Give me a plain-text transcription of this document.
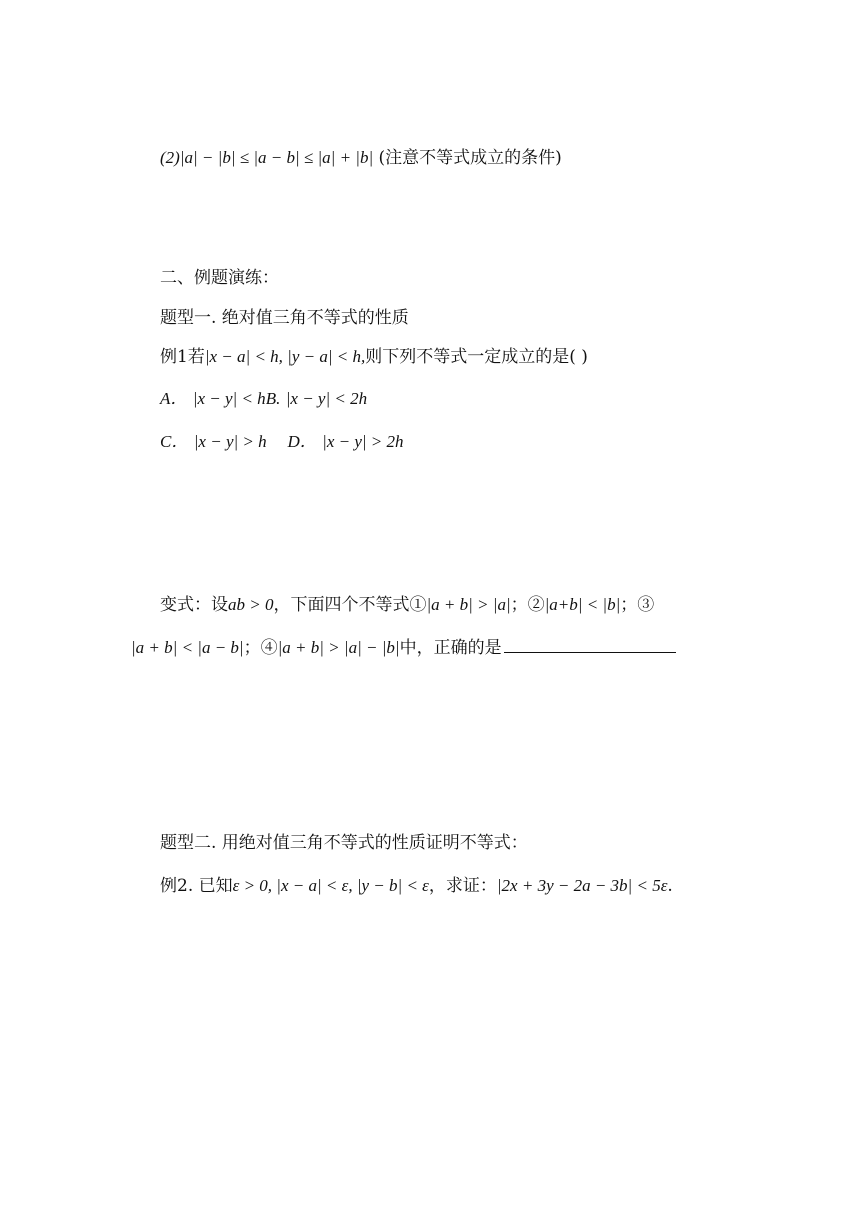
(2)|a| − |b| ≤ |a − b| ≤ |a| + |b| (注意不等式成立的条件)
二、例题演练：
题型一. 绝对值三角不等式的性质
例1若|x − a| < h, |y − a| < h,则下列不等式一定成立的是( )
A． |x − y| < hB. |x − y| < 2h
C． |x − y| > h D． |x − y| > 2h
变式：设ab > 0，下面四个不等式①|a + b| > |a|；②|a+b| < |b|；③
|a + b| < |a − b|；④|a + b| > |a| − |b|中，正确的是
题型二. 用绝对值三角不等式的性质证明不等式：
例2. 已知ε > 0, |x − a| < ε, |y − b| < ε，求证：|2x + 3y − 2a − 3b| < 5ε.
